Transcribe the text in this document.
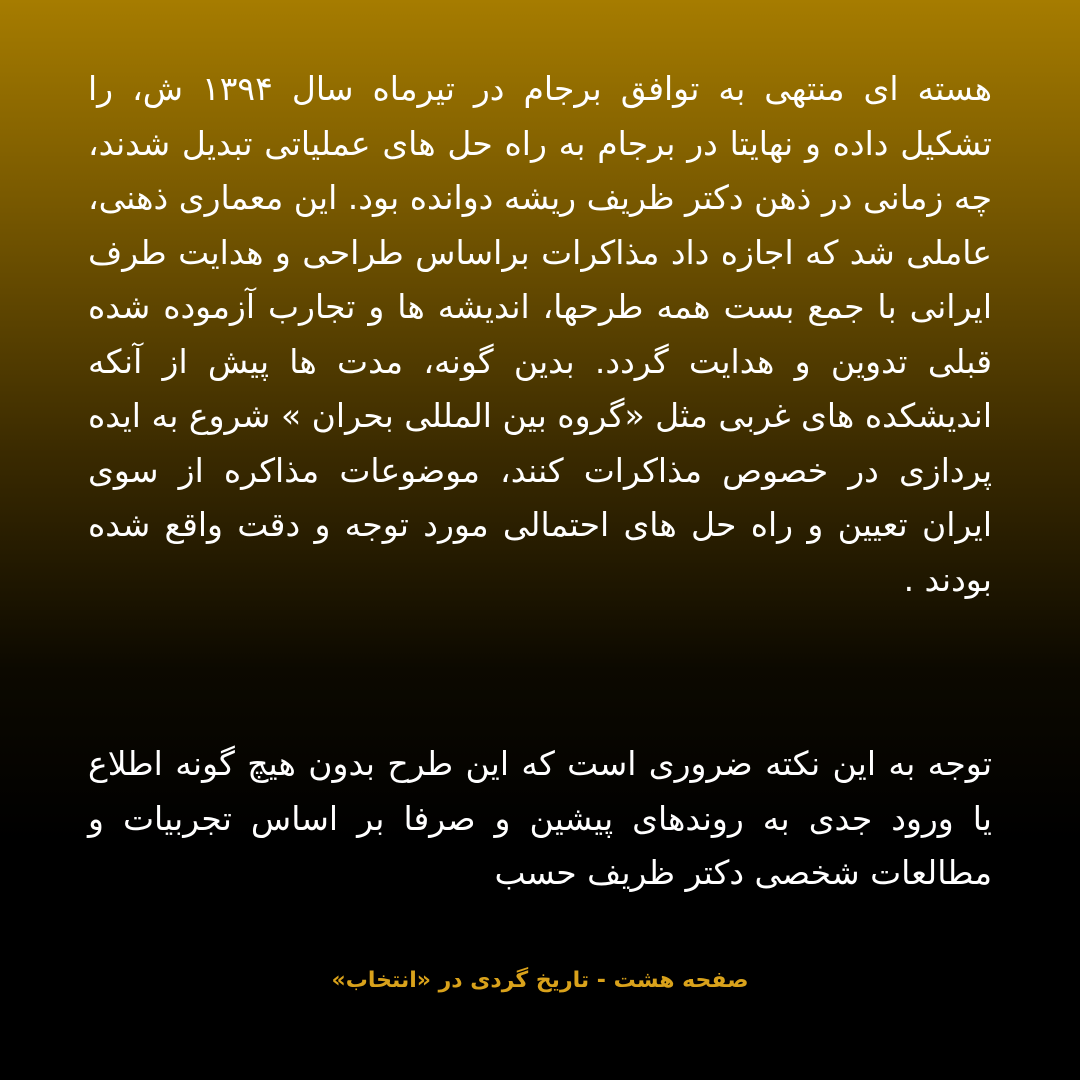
هسته ای منتهی به توافق برجام در تیرماه سال ۱۳۹۴ ش، را تشکیل داده و نهایتا در برجام به راه حل های عملیاتی تبدیل شدند، چه زمانی در ذهن دکتر ظریف ریشه دوانده بود. این معماری ذهنی، عاملی شد که اجازه داد مذاکرات براساس طراحی و هدایت طرف ایرانی با جمع بست همه طرحها، اندیشه ها و تجارب آزموده شده قبلی تدوین و هدایت گردد. بدین گونه، مدت ها پیش از آنکه اندیشکده های غربی مثل «گروه بین المللی بحران » شروع به ایده پردازی در خصوص مذاکرات کنند، موضوعات مذاکره از سوی ایران تعیین و راه حل های احتمالی مورد توجه و دقت واقع شده بودند .

توجه به این نکته ضروری است که این طرح بدون هیچ گونه اطلاع یا ورود جدی به روندهای پیشین و صرفا بر اساس تجربیات و مطالعات شخصی دکتر ظریف حسب

صفحه هشت - تاریخ گردی در «انتخاب»
